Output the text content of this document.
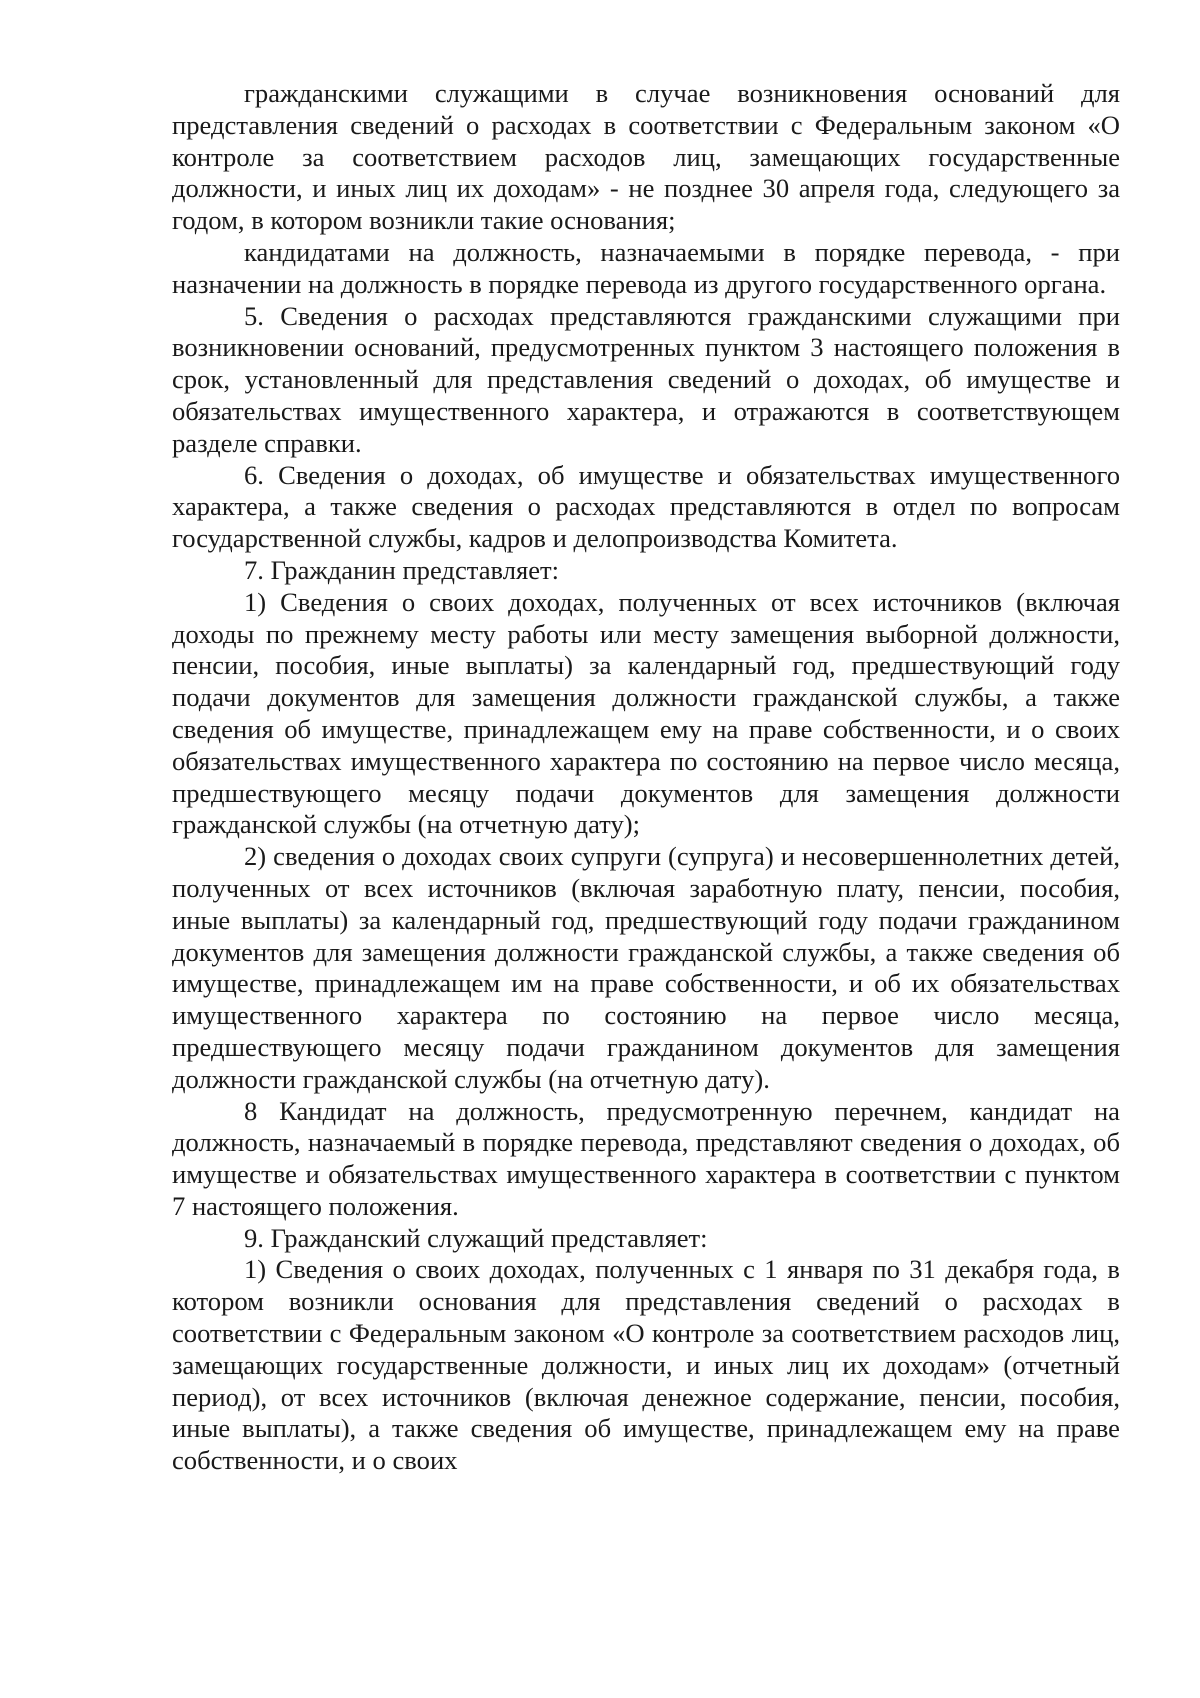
гражданскими служащими в случае возникновения оснований для представления сведений о расходах в соответствии с Федеральным законом «О контроле за соответствием расходов лиц, замещающих государственные должности, и иных лиц их доходам» - не позднее 30 апреля года, следующего за годом, в котором возникли такие основания;

кандидатами на должность, назначаемыми в порядке перевода, - при назначении на должность в порядке перевода из другого государственного органа.

5. Сведения о расходах представляются гражданскими служащими при возникновении оснований, предусмотренных пунктом 3 настоящего положения в срок, установленный для представления сведений о доходах, об имуществе и обязательствах имущественного характера, и отражаются в соответствующем разделе справки.

6. Сведения о доходах, об имуществе и обязательствах имущественного характера, а также сведения о расходах представляются в отдел по вопросам государственной службы, кадров и делопроизводства Комитета.

7. Гражданин представляет:

1) Сведения о своих доходах, полученных от всех источников (включая доходы по прежнему месту работы или месту замещения выборной должности, пенсии, пособия, иные выплаты) за календарный год, предшествующий году подачи документов для замещения должности гражданской службы, а также сведения об имуществе, принадлежащем ему на праве собственности, и о своих обязательствах имущественного характера по состоянию на первое число месяца, предшествующего месяцу подачи документов для замещения должности гражданской службы (на отчетную дату);

2) сведения о доходах своих супруги (супруга) и несовершеннолетних детей, полученных от всех источников (включая заработную плату, пенсии, пособия, иные выплаты) за календарный год, предшествующий году подачи гражданином документов для замещения должности гражданской службы, а также сведения об имуществе, принадлежащем им на праве собственности, и об их обязательствах имущественного характера по состоянию на первое число месяца, предшествующего месяцу подачи гражданином документов для замещения должности гражданской службы (на отчетную дату).

8 Кандидат на должность, предусмотренную перечнем, кандидат на должность, назначаемый в порядке перевода, представляют сведения о доходах, об имуществе и обязательствах имущественного характера в соответствии с пунктом 7 настоящего положения.

9. Гражданский служащий представляет:

1) Сведения о своих доходах, полученных с 1 января по 31 декабря года, в котором возникли основания для представления сведений о расходах в соответствии с Федеральным законом «О контроле за соответствием расходов лиц, замещающих государственные должности, и иных лиц их доходам» (отчетный период), от всех источников (включая денежное содержание, пенсии, пособия, иные выплаты), а также сведения об имуществе, принадлежащем ему на праве собственности, и о своих
